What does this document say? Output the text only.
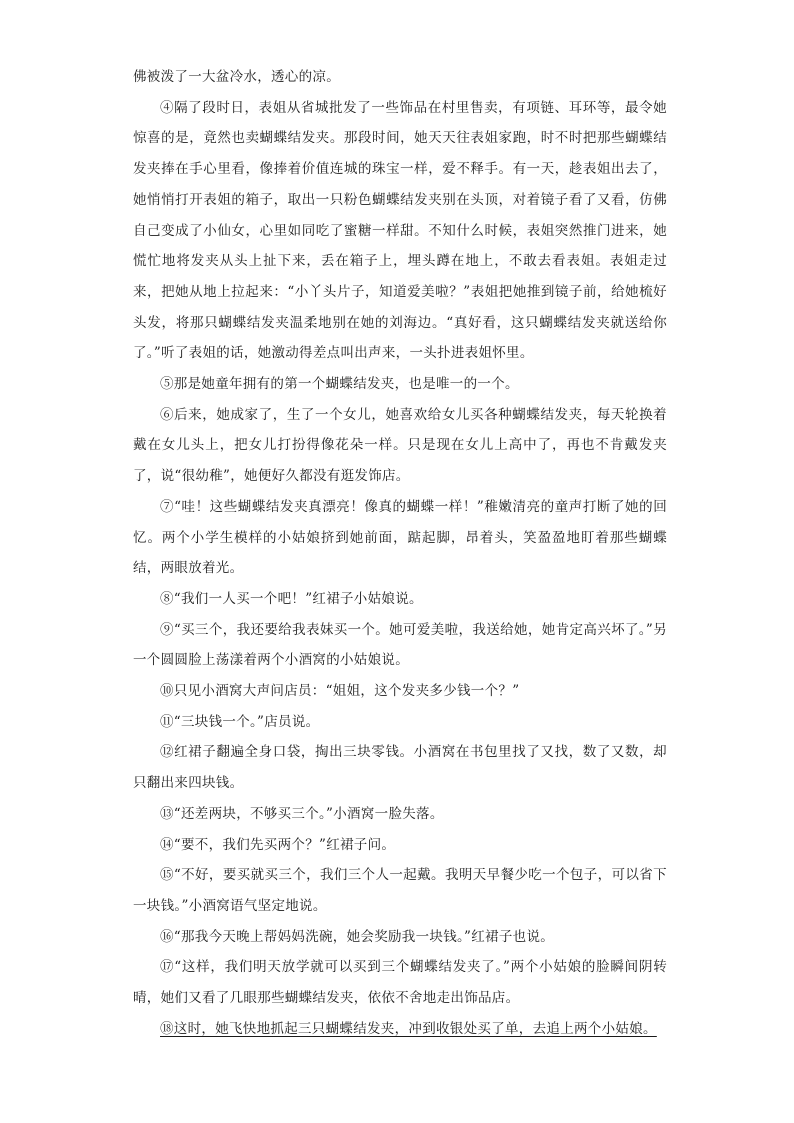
佛被泼了一大盆冷水，透心的凉。

④隔了段时日，表姐从省城批发了一些饰品在村里售卖，有项链、耳环等，最令她惊喜的是，竟然也卖蝴蝶结发夹。那段时间，她天天往表姐家跑，时不时把那些蝴蝶结发夹捧在手心里看，像捧着价值连城的珠宝一样，爱不释手。有一天，趁表姐出去了，她悄悄打开表姐的箱子，取出一只粉色蝴蝶结发夹别在头顶，对着镜子看了又看，仿佛自己变成了小仙女，心里如同吃了蜜糖一样甜。不知什么时候，表姐突然推门进来，她慌忙地将发夹从头上扯下来，丢在箱子上，埋头蹲在地上，不敢去看表姐。表姐走过来，把她从地上拉起来：“小丫头片子，知道爱美啦？”表姐把她推到镜子前，给她梳好头发，将那只蝴蝶结发夹温柔地别在她的刘海边。“真好看，这只蝴蝶结发夹就送给你了。”听了表姐的话，她激动得差点叫出声来，一头扑进表姐怀里。

⑤那是她童年拥有的第一个蝴蝶结发夹，也是唯一的一个。

⑥后来，她成家了，生了一个女儿，她喜欢给女儿买各种蝴蝶结发夹，每天轮换着戴在女儿头上，把女儿打扮得像花朵一样。只是现在女儿上高中了，再也不肯戴发夹了，说“很幼稚”，她便好久都没有逛发饰店。

⑦“哇！这些蝴蝶结发夹真漂亮！像真的蝴蝶一样！”稚嫩清亮的童声打断了她的回忆。两个小学生模样的小姑娘挤到她前面，踮起脚，昂着头，笑盈盈地盯着那些蝴蝶结，两眼放着光。

⑧“我们一人买一个吧！”红裙子小姑娘说。

⑨“买三个，我还要给我表妹买一个。她可爱美啦，我送给她，她肯定高兴坏了。”另一个圆圆脸上荡漾着两个小酒窝的小姑娘说。

⑩只见小酒窝大声问店员：“姐姐，这个发夹多少钱一个？”

⑪“三块钱一个。”店员说。

⑫红裙子翻遍全身口袋，掏出三块零钱。小酒窝在书包里找了又找，数了又数，却只翻出来四块钱。

⑬“还差两块，不够买三个。”小酒窝一脸失落。

⑭“要不，我们先买两个？”红裙子问。

⑮“不好，要买就买三个，我们三个人一起戴。我明天早餐少吃一个包子，可以省下一块钱。”小酒窝语气坚定地说。

⑯“那我今天晚上帮妈妈洗碗，她会奖励我一块钱。”红裙子也说。

⑰“这样，我们明天放学就可以买到三个蝴蝶结发夹了。”两个小姑娘的脸瞬间阴转晴，她们又看了几眼那些蝴蝶结发夹，依依不舍地走出饰品店。

⑱这时，她飞快地抓起三只蝴蝶结发夹，冲到收银处买了单，去追上两个小姑娘。
